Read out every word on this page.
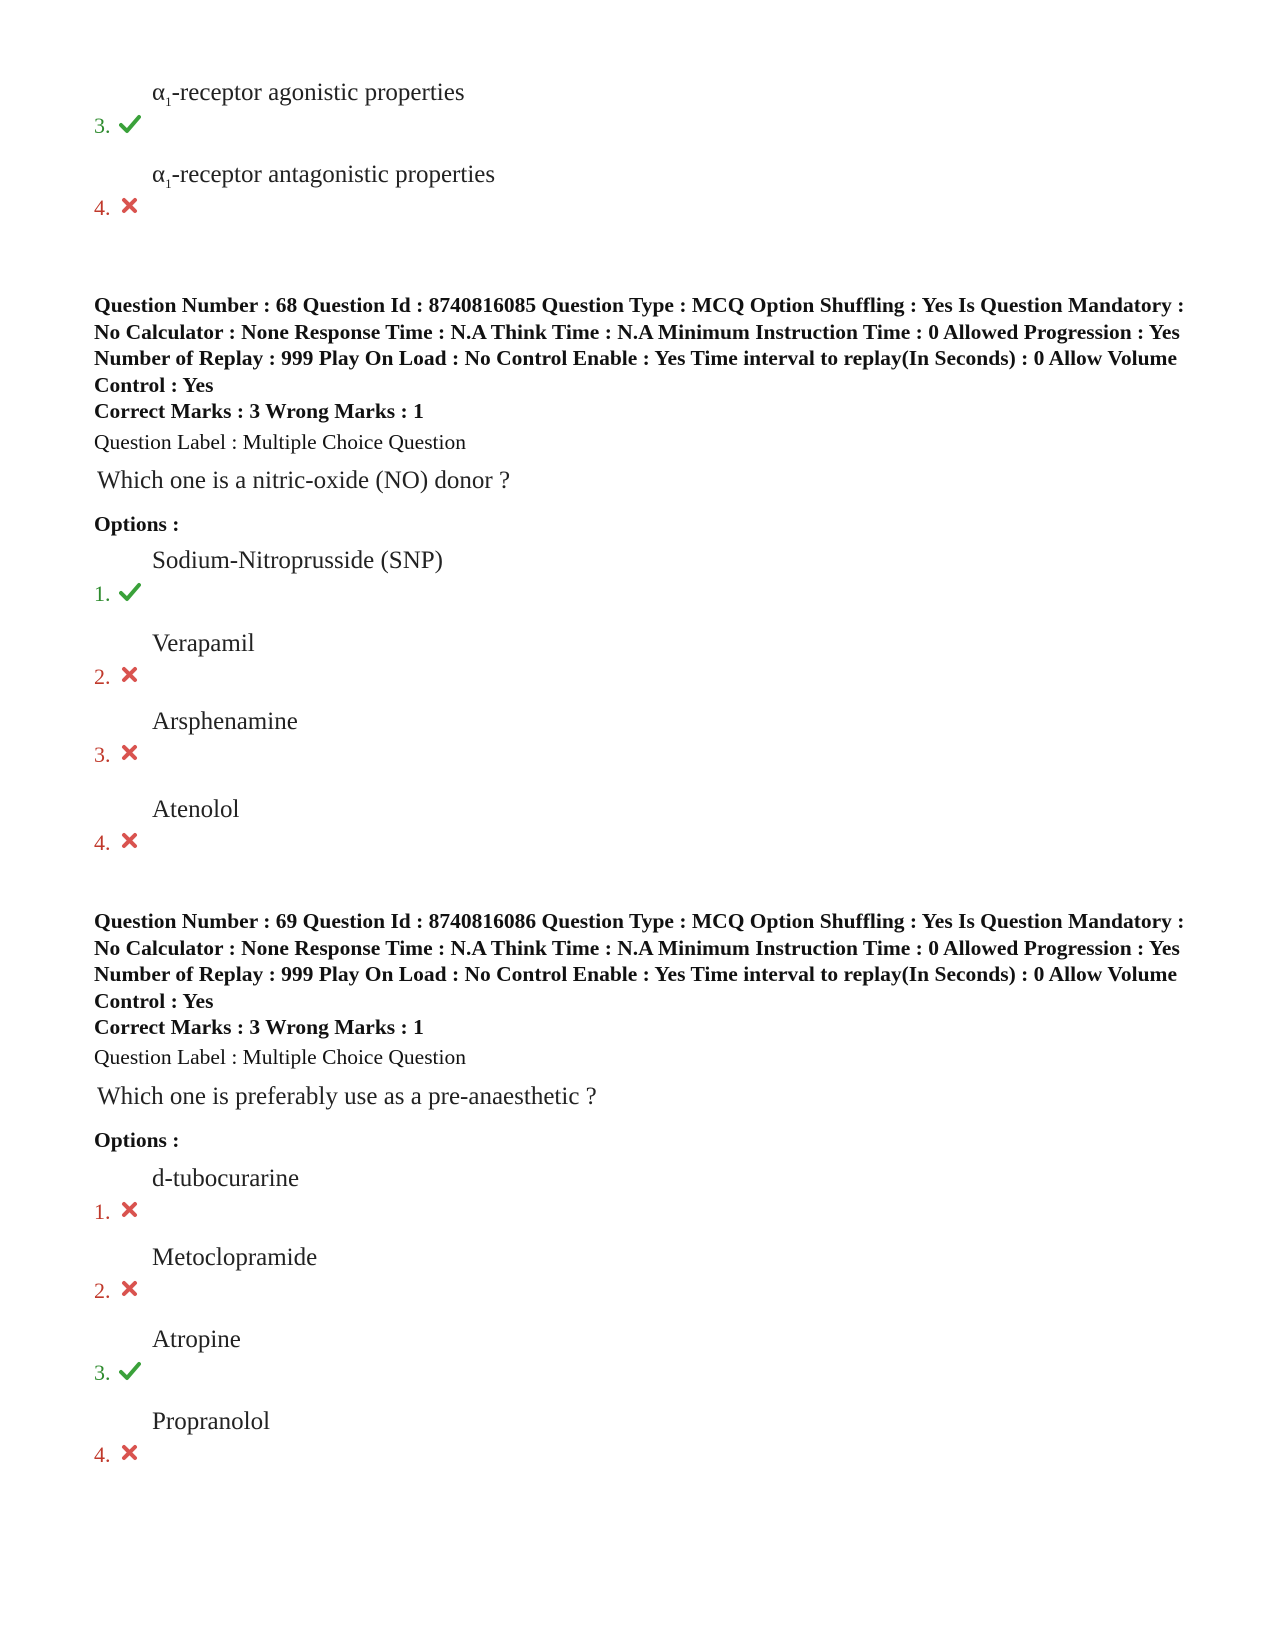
3.
$\alpha_1$-receptor agonistic properties
4.
$\alpha_1$-receptor antagonistic properties
Question Number : 68 Question Id : 8740816085 Question Type : MCQ Option Shuffling : Yes Is Question Mandatory : No Calculator : None Response Time : N.A Think Time : N.A Minimum Instruction Time : 0 Allowed Progression : Yes Number of Replay : 999 Play On Load : No Control Enable : Yes Time interval to replay(In Seconds) : 0 Allow Volume Control : Yes
Correct Marks : 3 Wrong Marks : 1
Question Label : Multiple Choice Question
Which one is a nitric-oxide (NO) donor ?
Options :
1.
Sodium-Nitroprusside (SNP)
2.
Verapamil
3.
Arsphenamine
4.
Atenolol
Question Number : 69 Question Id : 8740816086 Question Type : MCQ Option Shuffling : Yes Is Question Mandatory : No Calculator : None Response Time : N.A Think Time : N.A Minimum Instruction Time : 0 Allowed Progression : Yes Number of Replay : 999 Play On Load : No Control Enable : Yes Time interval to replay(In Seconds) : 0 Allow Volume Control : Yes
Correct Marks : 3 Wrong Marks : 1
Question Label : Multiple Choice Question
Which one is preferably use as a pre-anaesthetic ?
Options :
1.
d-tubocurarine
2.
Metoclopramide
3.
Atropine
4.
Propranolol
